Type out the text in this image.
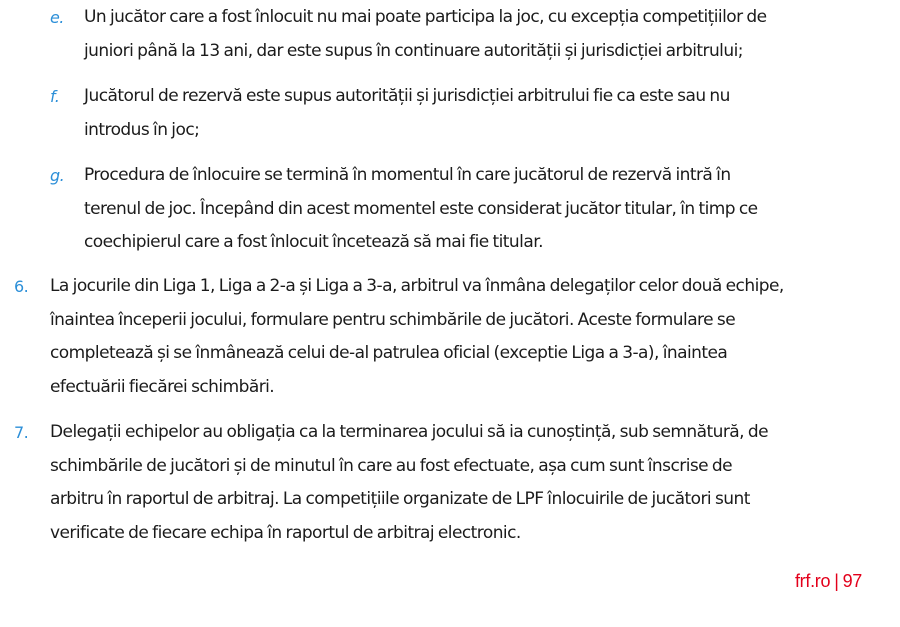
e. Un jucător care a fost înlocuit nu mai poate participa la joc, cu excepția competițiilor de
juniori până la 13 ani, dar este supus în continuare autorității și jurisdicției arbitrului;
f. Jucătorul de rezervă este supus autorității și jurisdicției arbitrului fie ca este sau nu
introdus în joc;
g. Procedura de înlocuire se termină în momentul în care jucătorul de rezervă intră în
terenul de joc. Începând din acest momentel este considerat jucător titular, în timp ce
coechipierul care a fost înlocuit încetează să mai fie titular.
6. La jocurile din Liga 1, Liga a 2-a și Liga a 3-a, arbitrul va înmâna delegaților celor două echipe,
înaintea începerii jocului, formulare pentru schimbările de jucători. Aceste formulare se
completează și se înmânează celui de-al patrulea oficial (exceptie Liga a 3-a), înaintea
efectuării fiecărei schimbări.
7. Delegații echipelor au obligația ca la terminarea jocului să ia cunoștință, sub semnătură, de
schimbările de jucători și de minutul în care au fost efectuate, așa cum sunt înscrise de
arbitru în raportul de arbitraj. La competițiile organizate de LPF înlocuirile de jucători sunt
verificate de fiecare echipa în raportul de arbitraj electronic.
frf.ro | 97
